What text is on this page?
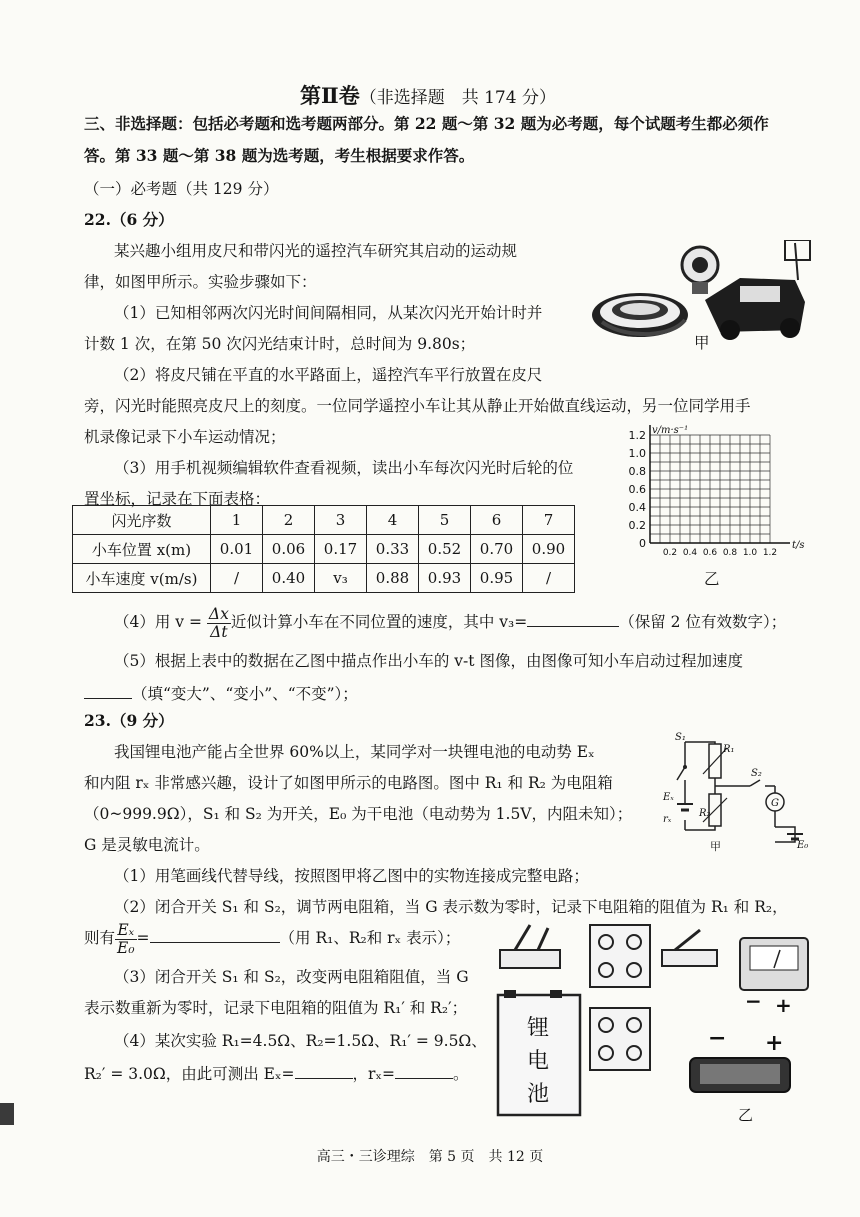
第Ⅱ卷（非选择题　共 174 分）
三、非选择题：包括必考题和选考题两部分。第 22 题～第 32 题为必考题，每个试题考生都必须作
答。第 33 题～第 38 题为选考题，考生根据要求作答。
（一）必考题（共 129 分）
22.（6 分）
某兴趣小组用皮尺和带闪光的遥控汽车研究其启动的运动规
律，如图甲所示。实验步骤如下：
（1）已知相邻两次闪光时间间隔相同，从某次闪光开始计时并
计数 1 次，在第 50 次闪光结束计时，总时间为 9.80s；
（2）将皮尺铺在平直的水平路面上，遥控汽车平行放置在皮尺
旁，闪光时能照亮皮尺上的刻度。一位同学遥控小车让其从静止开始做直线运动，另一位同学用手
机录像记录下小车运动情况；
（3）用手机视频编辑软件查看视频，读出小车每次闪光时后轮的位
置坐标，记录在下面表格：
甲
1.2
1.0
0.8
0.6
0.4
0.2
0
0.2 0.4 0.6 0.8 1.0 1.2
v/m·s⁻¹
t/s
乙
闪光序数	1	2	3	4	5	6	7
小车位置 x(m)	0.01	0.06	0.17	0.33	0.52	0.70	0.90
小车速度 v(m/s)	/	0.40	v₃	0.88	0.93	0.95	/
（4）用 $v = \frac{\Delta x}{\Delta t}$ 近似计算小车在不同位置的速度，其中 v₃=	（保留 2 位有效数字）；
（5）根据上表中的数据在乙图中描点作出小车的 v-t 图像，由图像可知小车启动过程加速度
（填“变大”、“变小”、“不变”）；
23.（9 分）
我国锂电池产能占全世界 60%以上，某同学对一块锂电池的电动势 Eₓ
和内阻 rₓ 非常感兴趣，设计了如图甲所示的电路图。图中 R₁ 和 R₂ 为电阻箱
（0~999.9Ω），S₁ 和 S₂ 为开关，E₀ 为干电池（电动势为 1.5V，内阻未知）；
G 是灵敏电流计。
（1）用笔画线代替导线，按照图甲将乙图中的实物连接成完整电路；
（2）闭合开关 S₁ 和 S₂，调节两电阻箱，当 G 表示数为零时，记录下电阻箱的阻值为 R₁ 和 R₂，
则有 $\frac{\text{Eₓ}}{\text{E₀}}$ =	（用 R₁、R₂和 rₓ 表示）；
（3）闭合开关 S₁ 和 S₂，改变两电阻箱阻值，当 G
表示数重新为零时，记录下电阻箱的阻值为 R₁′ 和 R₂′；
（4）某次实验 R₁=4.5Ω、R₂=1.5Ω、R₁′ = 9.5Ω、
R₂′ = 3.0Ω，由此可测出 Eₓ=	，rₓ=	。
S₁
R₁
S₂
R₂
Eₓ
rₓ
G
E₀
甲
− +
锂
电
池
− +
乙
高三・三诊理综　第 5 页　共 12 页
